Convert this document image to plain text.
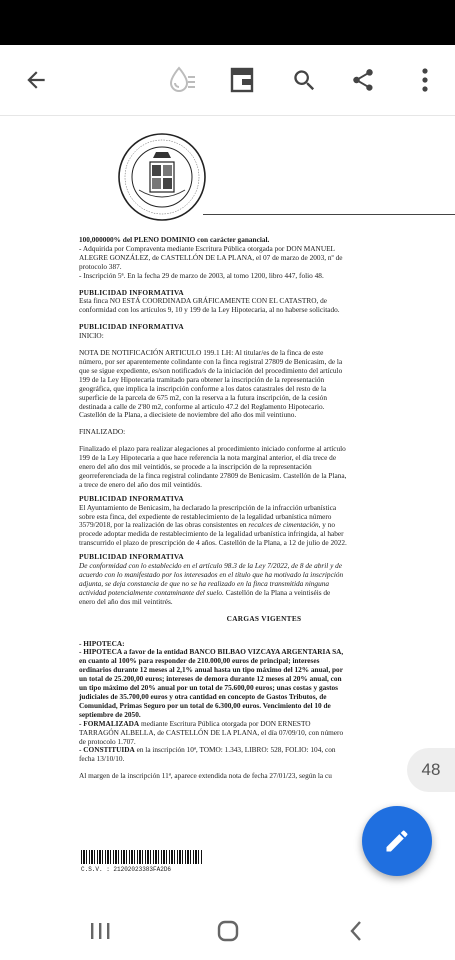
100,000000% del PLENO DOMINIO con carácter ganancial.

- Adquirida por Compraventa mediante Escritura Pública otorgada por DON MANUEL

ALEGRE GONZÁLEZ, de CASTELLÓN DE LA PLANA, el 07 de marzo de 2003, nº de

protocolo 387.

- Inscripción 5ª. En la fecha 29 de marzo de 2003, al tomo 1200, libro 447, folio 48.

PUBLICIDAD INFORMATIVA

Esta finca NO ESTÁ COORDINADA GRÁFICAMENTE CON EL CATASTRO, de

conformidad con los artículos 9, 10 y 199 de la Ley Hipotecaria, al no haberse solicitado.

PUBLICIDAD INFORMATIVA

INICIO:

NOTA DE NOTIFICACIÓN ARTICULO 199.1 LH: Al titular/es de la finca de este

número, por ser aparentemente colindante con la finca registral 27809 de Benicasim, de la

que se sigue expediente, es/son notificado/s de la iniciación del procedimiento del artículo

199 de la Ley Hipotecaria tramitado para obtener la inscripción de la representación

geográfica, que implica la inscripción conforme a los datos catastrales del resto de la

superficie de la parcela de 675 m2, con la reserva a la futura inscripción, de la cesión

destinada a calle de 2'80 m2, conforme al artículo 47.2 del Reglamento Hipotecario.

Castellón de la Plana, a diecisiete de noviembre del año dos mil veintiuno.

FINALIZADO:

Finalizado el plazo para realizar alegaciones al procedimiento iniciado conforme al artículo

199 de la Ley Hipotecaria a que hace referencia la nota marginal anterior, el día trece de

enero del año dos mil veintidós, se procede a la inscripción de la representación

georreferenciada de la finca registral colindante 27809 de Benicasim. Castellón de la Plana,

a trece de enero del año dos mil veintidós.

PUBLICIDAD INFORMATIVA

El Ayuntamiento de Benicasim, ha declarado la prescripción de la infracción urbanística

sobre esta finca, del expediente de restablecimiento de la legalidad urbanística número

3579/2018, por la realización de las obras consistentes en recalces de cimentación, y no

procede adoptar medida de restablecimiento de la legalidad urbanística infringida, al haber

transcurrido el plazo de prescripción de 4 años. Castellón de la Plana, a 12 de julio de 2022.

PUBLICIDAD INFORMATIVA

De conformidad con lo establecido en el artículo 98.3 de la Ley 7/2022, de 8 de abril y de

acuerdo con lo manifestado por los interesados en el título que ha motivado la inscripción

adjunta, se deja constancia de que no se ha realizado en la finca transmitida ninguna

actividad potencialmente contaminante del suelo. Castellón de la Plana a veintiséis de

enero del año dos mil veintitrés.

CARGAS VIGENTES

- HIPOTECA:

- HIPOTECA a favor de la entidad BANCO BILBAO VIZCAYA ARGENTARIA SA,

en cuanto al 100% para responder de 210.000,00 euros de principal; intereses

ordinarios durante 12 meses al 2,1% anual hasta un tipo máximo del 12% anual, por

un total de 25.200,00 euros; intereses de demora durante 12 meses al 20% anual, con

un tipo máximo del 20% anual por un total de 75.600,00 euros; unas costas y gastos

judiciales de 35.700,00 euros y otra cantidad en concepto de Gastos Tributos, de

Comunidad, Primas Seguro por un total de 6.300,00 euros. Vencimiento del 10 de

septiembre de 2050.

- FORMALIZADA mediante Escritura Pública otorgada por DON ERNESTO

TARRAGÓN ALBELLA, de CASTELLÓN DE LA PLANA, el día 07/09/10, con número

de protocolo 1.707.

- CONSTITUIDA en la inscripción 10ª, TOMO: 1.343, LIBRO: 528, FOLIO: 104, con

fecha 13/10/10.

Al margen de la inscripción 11ª, aparece extendida nota de fecha 27/01/23, según la cu

C.S.V. : 21202023383FA2D6
48
